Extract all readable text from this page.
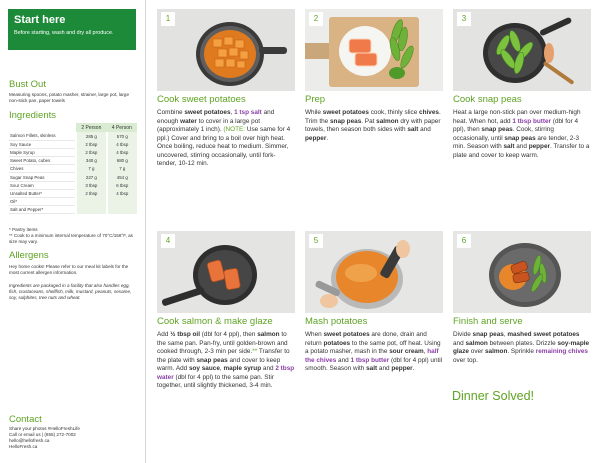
Start here
Before starting, wash and dry all produce.
Bust Out
Measuring spoons, potato masher, strainer, large pot, large non-stick pan, paper towels
Ingredients
	2 Person	4 Person
Salmon Fillets, skinless	285 g	570 g
Soy Sauce	2 tbsp	4 tbsp
Maple Syrup	2 tbsp	4 tbsp
Sweet Potato, cubes	340 g	680 g
Chives	7 g	7 g
Sugar Snap Peas	227 g	454 g
Sour Cream	3 tbsp	6 tbsp
Unsalted Butter*	2 tbsp	4 tbsp
Oil*		
Salt and Pepper*		
* Pantry items
** Cook to a minimum internal temperature of 70°C/158°F, as size may vary.
Allergens
Hey home cooks! Please refer to our meal kit labels for the most current allergen information.
Ingredients are packaged in a facility that also handles egg, fish, crustaceans, shellfish, milk, mustard, peanuts, sesame, soy, sulphites, tree nuts and wheat.
Contact
Share your photos #HelloFreshLife
Call or email us | (855) 272-7002
hello@hellofresh.ca
HelloFresh.ca
1
Cook sweet potatoes
Combine sweet potatoes, 1 tsp salt and enough water to cover in a large pot (approximately 1 inch). (NOTE: Use same for 4 ppl.) Cover and bring to a boil over high heat. Once boiling, reduce heat to medium. Simmer, uncovered, stirring occasionally, until fork-tender, 10-12 min.
2
Prep
While sweet potatoes cook, thinly slice chives. Trim the snap peas. Pat salmon dry with paper towels, then season both sides with salt and pepper.
3
Cook snap peas
Heat a large non-stick pan over medium-high heat. When hot, add 1 tbsp butter (dbl for 4 ppl), then snap peas. Cook, stirring occasionally, until snap peas are tender, 2-3 min. Season with salt and pepper. Transfer to a plate and cover to keep warm.
4
Cook salmon & make glaze
Add ½ tbsp oil (dbl for 4 ppl), then salmon to the same pan. Pan-fry, until golden-brown and cooked through, 2-3 min per side.** Transfer to the plate with snap peas and cover to keep warm. Add soy sauce, maple syrup and 2 tbsp water (dbl for 4 ppl) to the same pan. Stir together, until slightly thickened, 3-4 min.
5
Mash potatoes
When sweet potatoes are done, drain and return potatoes to the same pot, off heat. Using a potato masher, mash in the sour cream, half the chives and 1 tbsp butter (dbl for 4 ppl) until smooth. Season with salt and pepper.
6
Finish and serve
Divide snap peas, mashed sweet potatoes and salmon between plates. Drizzle soy-maple glaze over salmon. Sprinkle remaining chives over top.
Dinner Solved!
